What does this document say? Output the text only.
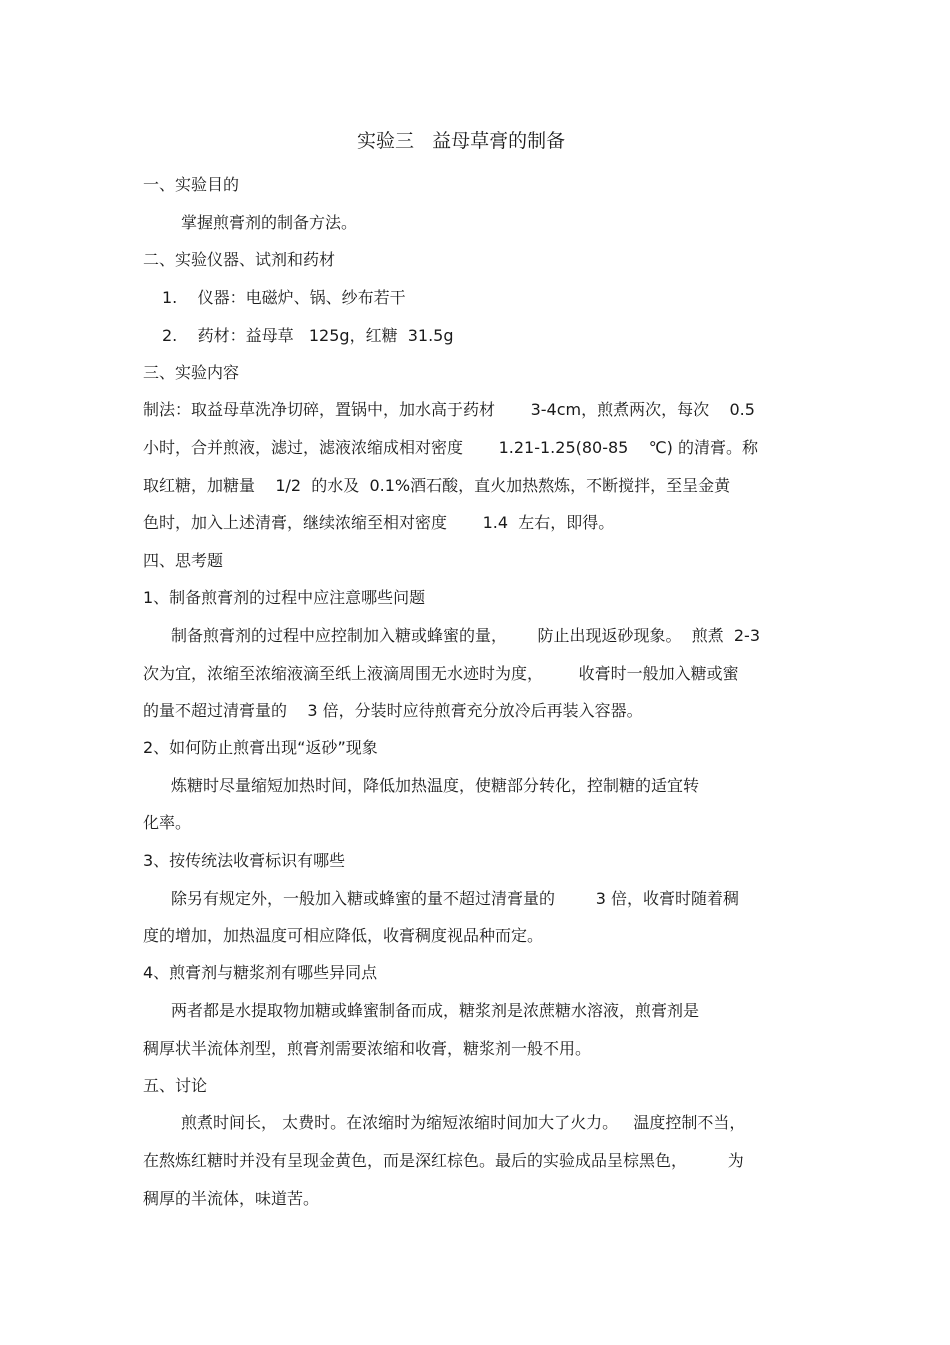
实验三   益母草膏的制备
一、实验目的
掌握煎膏剂的制备方法。
二、实验仪器、试剂和药材
1.    仪器：电磁炉、锅、纱布若干
2.    药材：益母草   125g，红糖  31.5g
三、实验内容
制法：取益母草洗净切碎，置锅中，加水高于药材       3-4cm，煎煮两次，每次    0.5
小时，合并煎液，滤过，滤液浓缩成相对密度       1.21-1.25(80-85    ℃) 的清膏。称
取红糖，加糖量    1/2  的水及  0.1%酒石酸，直火加热熬炼，不断搅拌，至呈金黄
色时，加入上述清膏，继续浓缩至相对密度       1.4  左右，即得。
四、思考题
1、制备煎膏剂的过程中应注意哪些问题
制备煎膏剂的过程中应控制加入糖或蜂蜜的量，      防止出现返砂现象。  煎煮  2-3
次为宜，浓缩至浓缩液滴至纸上液滴周围无水迹时为度，       收膏时一般加入糖或蜜
的量不超过清膏量的    3 倍，分装时应待煎膏充分放冷后再装入容器。
2、如何防止煎膏出现“返砂”现象
炼糖时尽量缩短加热时间，降低加热温度，使糖部分转化，控制糖的适宜转
化率。
3、按传统法收膏标识有哪些
除另有规定外，一般加入糖或蜂蜜的量不超过清膏量的        3 倍，收膏时随着稠
度的增加，加热温度可相应降低，收膏稠度视品种而定。
4、煎膏剂与糖浆剂有哪些异同点
两者都是水提取物加糖或蜂蜜制备而成，糖浆剂是浓蔗糖水溶液，煎膏剂是
稠厚状半流体剂型，煎膏剂需要浓缩和收膏，糖浆剂一般不用。
五、讨论
煎煮时间长， 太费时。在浓缩时为缩短浓缩时间加大了火力。   温度控制不当，
在熬炼红糖时并没有呈现金黄色，而是深红棕色。最后的实验成品呈棕黑色，        为
稠厚的半流体，味道苦。
